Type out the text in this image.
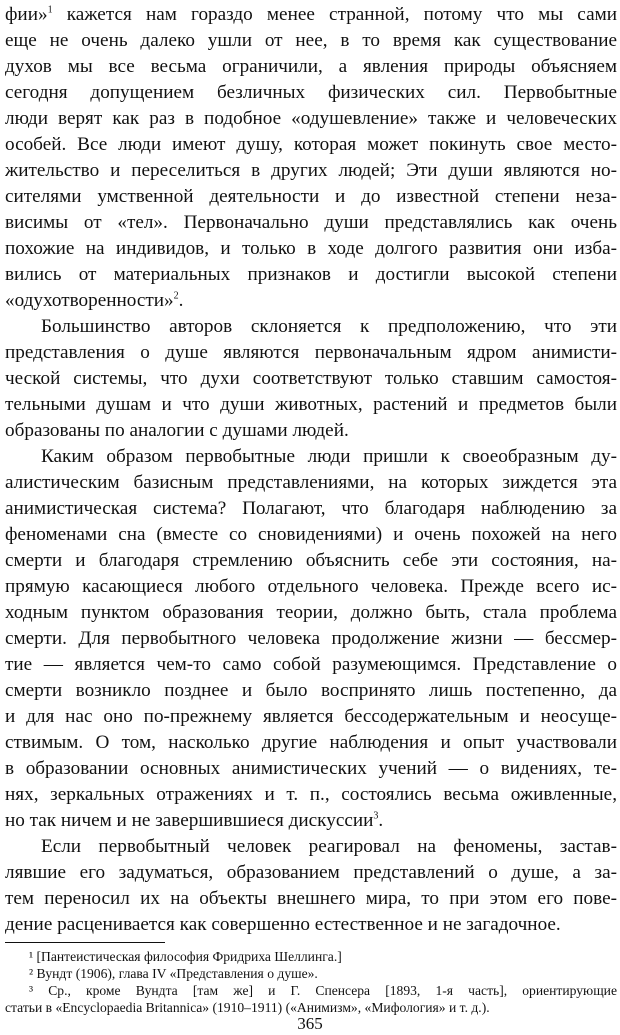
фии»$^1$ кажется нам гораздо менее странной, потому что мы сами
еще не очень далеко ушли от нее, в то время как существование
духов мы все весьма ограничили, а явления природы объясняем
сегодня допущением безличных физических сил. Первобытные
люди верят как раз в подобное «одушевление» также и человеческих
особей. Все люди имеют душу, которая может покинуть свое место-
жительство и переселиться в других людей; Эти души являются но-
сителями умственной деятельности и до известной степени неза-
висимы от «тел». Первоначально души представлялись как очень
похожие на индивидов, и только в ходе долгого развития они изба-
вились от материальных признаков и достигли высокой степени
«одухотворенности»$^2$.
Большинство авторов склоняется к предположению, что эти
представления о душе являются первоначальным ядром анимисти-
ческой системы, что духи соответствуют только ставшим самостоя-
тельными душам и что души животных, растений и предметов были
образованы по аналогии с душами людей.
Каким образом первобытные люди пришли к своеобразным ду-
алистическим базисным представлениями, на которых зиждется эта
анимистическая система? Полагают, что благодаря наблюдению за
феноменами сна (вместе со сновидениями) и очень похожей на него
смерти и благодаря стремлению объяснить себе эти состояния, на-
прямую касающиеся любого отдельного человека. Прежде всего ис-
ходным пунктом образования теории, должно быть, стала проблема
смерти. Для первобытного человека продолжение жизни — бессмер-
тие — является чем-то само собой разумеющимся. Представление о
смерти возникло позднее и было воспринято лишь постепенно, да
и для нас оно по-прежнему является бессодержательным и неосуще-
ствимым. О том, насколько другие наблюдения и опыт участвовали
в образовании основных анимистических учений — о видениях, те-
нях, зеркальных отражениях и т. п., состоялись весьма оживленные,
но так ничем и не завершившиеся дискуссии$^3$.
Если первобытный человек реагировал на феномены, застав-
лявшие его задуматься, образованием представлений о душе, а за-
тем переносил их на объекты внешнего мира, то при этом его пове-
дение расценивается как совершенно естественное и не загадочное.
¹ [Пантеистическая философия Фридриха Шеллинга.]
² Вундт (1906), глава IV «Представления о душе».
³ Ср., кроме Вундта [там же] и Г. Спенсера [1893, 1-я часть], ориентирующие
статьи в «Encyclopaedia Britannica» (1910–1911) («Анимизм», «Мифология» и т. д.).
365
